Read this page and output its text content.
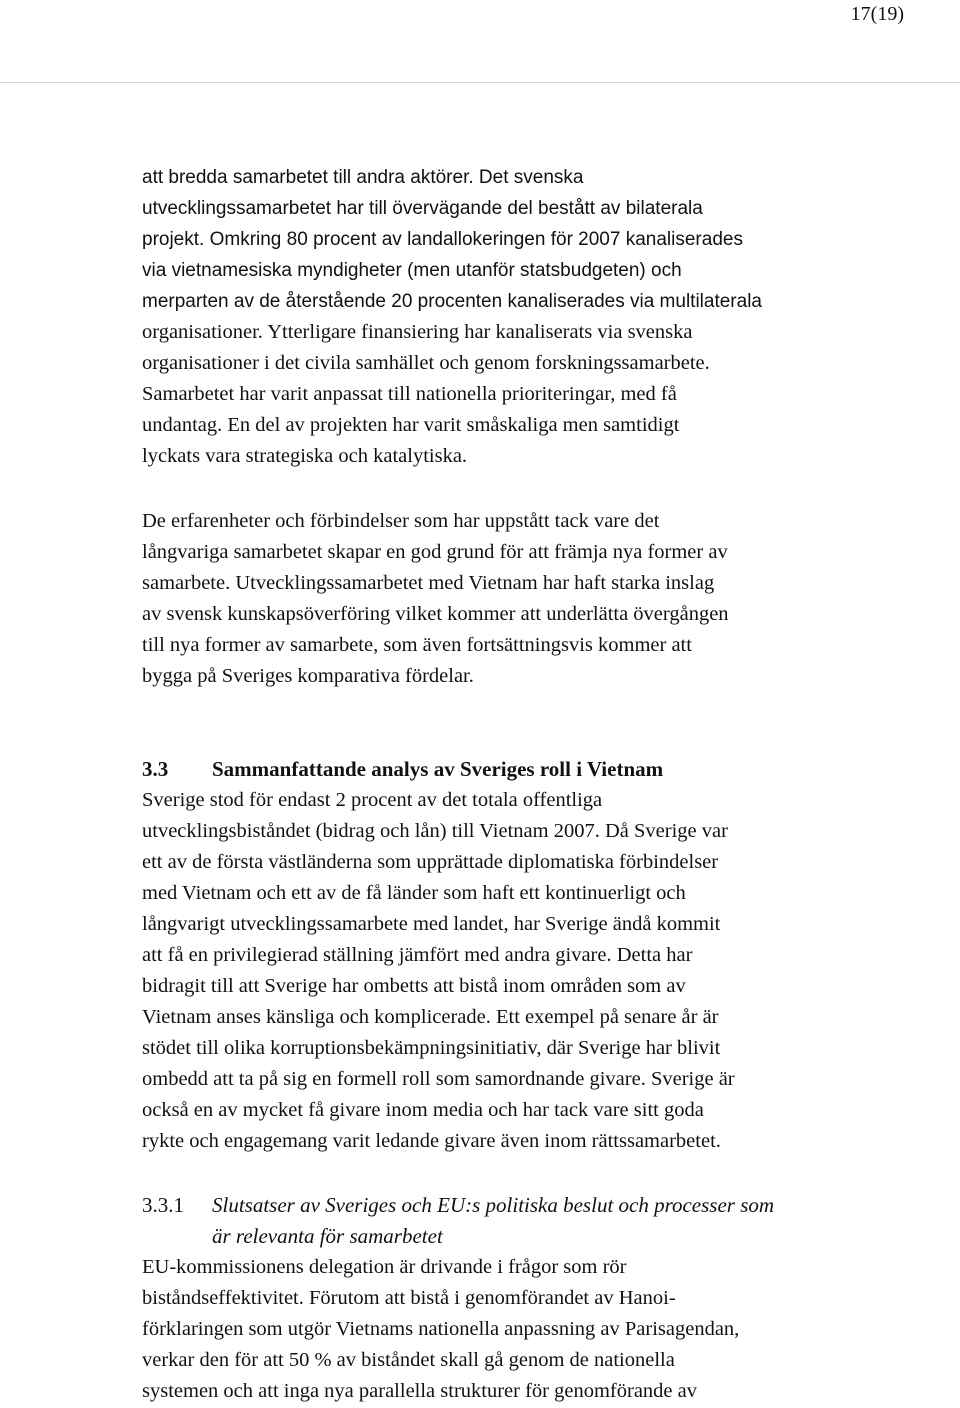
17(19)
att bredda samarbetet till andra aktörer. Det svenska
utvecklingssamarbetet har till övervägande del bestått av bilaterala
projekt. Omkring 80 procent av landallokeringen för 2007 kanaliserades
via vietnamesiska myndigheter (men utanför statsbudgeten) och
merparten av de återstående 20 procenten kanaliserades via multilaterala
organisationer. Ytterligare finansiering har kanaliserats via svenska
organisationer i det civila samhället och genom forskningssamarbete.
Samarbetet har varit anpassat till nationella prioriteringar, med få
undantag. En del av projekten har varit småskaliga men samtidigt
lyckats vara strategiska och katalytiska.
De erfarenheter och förbindelser som har uppstått tack vare det
långvariga samarbetet skapar en god grund för att främja nya former av
samarbete. Utvecklingssamarbetet med Vietnam har haft starka inslag
av svensk kunskapsöverföring vilket kommer att underlätta övergången
till nya former av samarbete, som även fortsättningsvis kommer att
bygga på Sveriges komparativa fördelar.
3.3 Sammanfattande analys av Sveriges roll i Vietnam
Sverige stod för endast 2 procent av det totala offentliga
utvecklingsbiståndet (bidrag och lån) till Vietnam 2007. Då Sverige var
ett av de första västländerna som upprättade diplomatiska förbindelser
med Vietnam och ett av de få länder som haft ett kontinuerligt och
långvarigt utvecklingssamarbete med landet, har Sverige ändå kommit
att få en privilegierad ställning jämfört med andra givare. Detta har
bidragit till att Sverige har ombetts att bistå inom områden som av
Vietnam anses känsliga och komplicerade. Ett exempel på senare år är
stödet till olika korruptionsbekämpningsinitiativ, där Sverige har blivit
ombedd att ta på sig en formell roll som samordnande givare. Sverige är
också en av mycket få givare inom media och har tack vare sitt goda
rykte och engagemang varit ledande givare även inom rättssamarbetet.
3.3.1 Slutsatser av Sveriges och EU:s politiska beslut och processer som
är relevanta för samarbetet
EU-kommissionens delegation är drivande i frågor som rör
biståndseffektivitet. Förutom att bistå i genomförandet av Hanoi-
förklaringen som utgör Vietnams nationella anpassning av Parisagendan,
verkar den för att 50 % av biståndet skall gå genom de nationella
systemen och att inga nya parallella strukturer för genomförande av
